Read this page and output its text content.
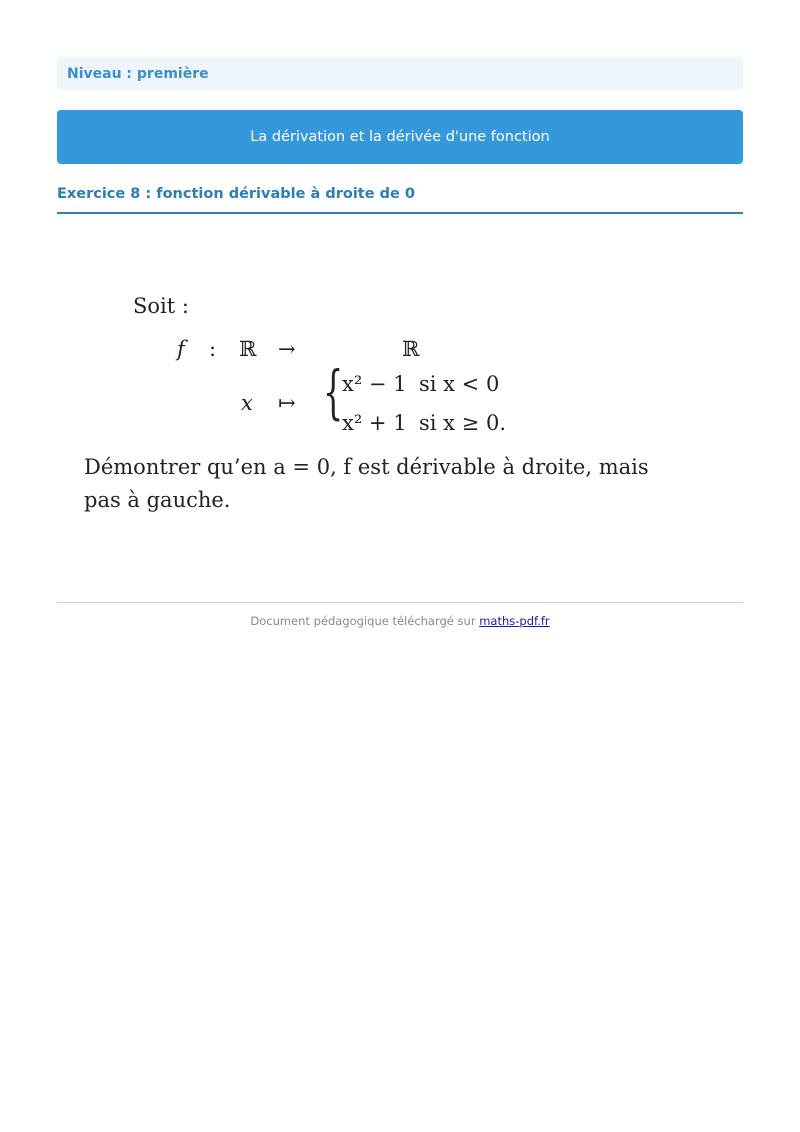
Niveau : première
La dérivation et la dérivée d'une fonction
Exercice 8 : fonction dérivable à droite de 0
Soit :
f : ℝ →	ℝ
x ↦ {
x² − 1 si x < 0
x² + 1 si x ≥ 0.
Démontrer qu’en a = 0, f est dérivable à droite, mais
pas à gauche.
Document pédagogique téléchargé sur maths-pdf.fr
